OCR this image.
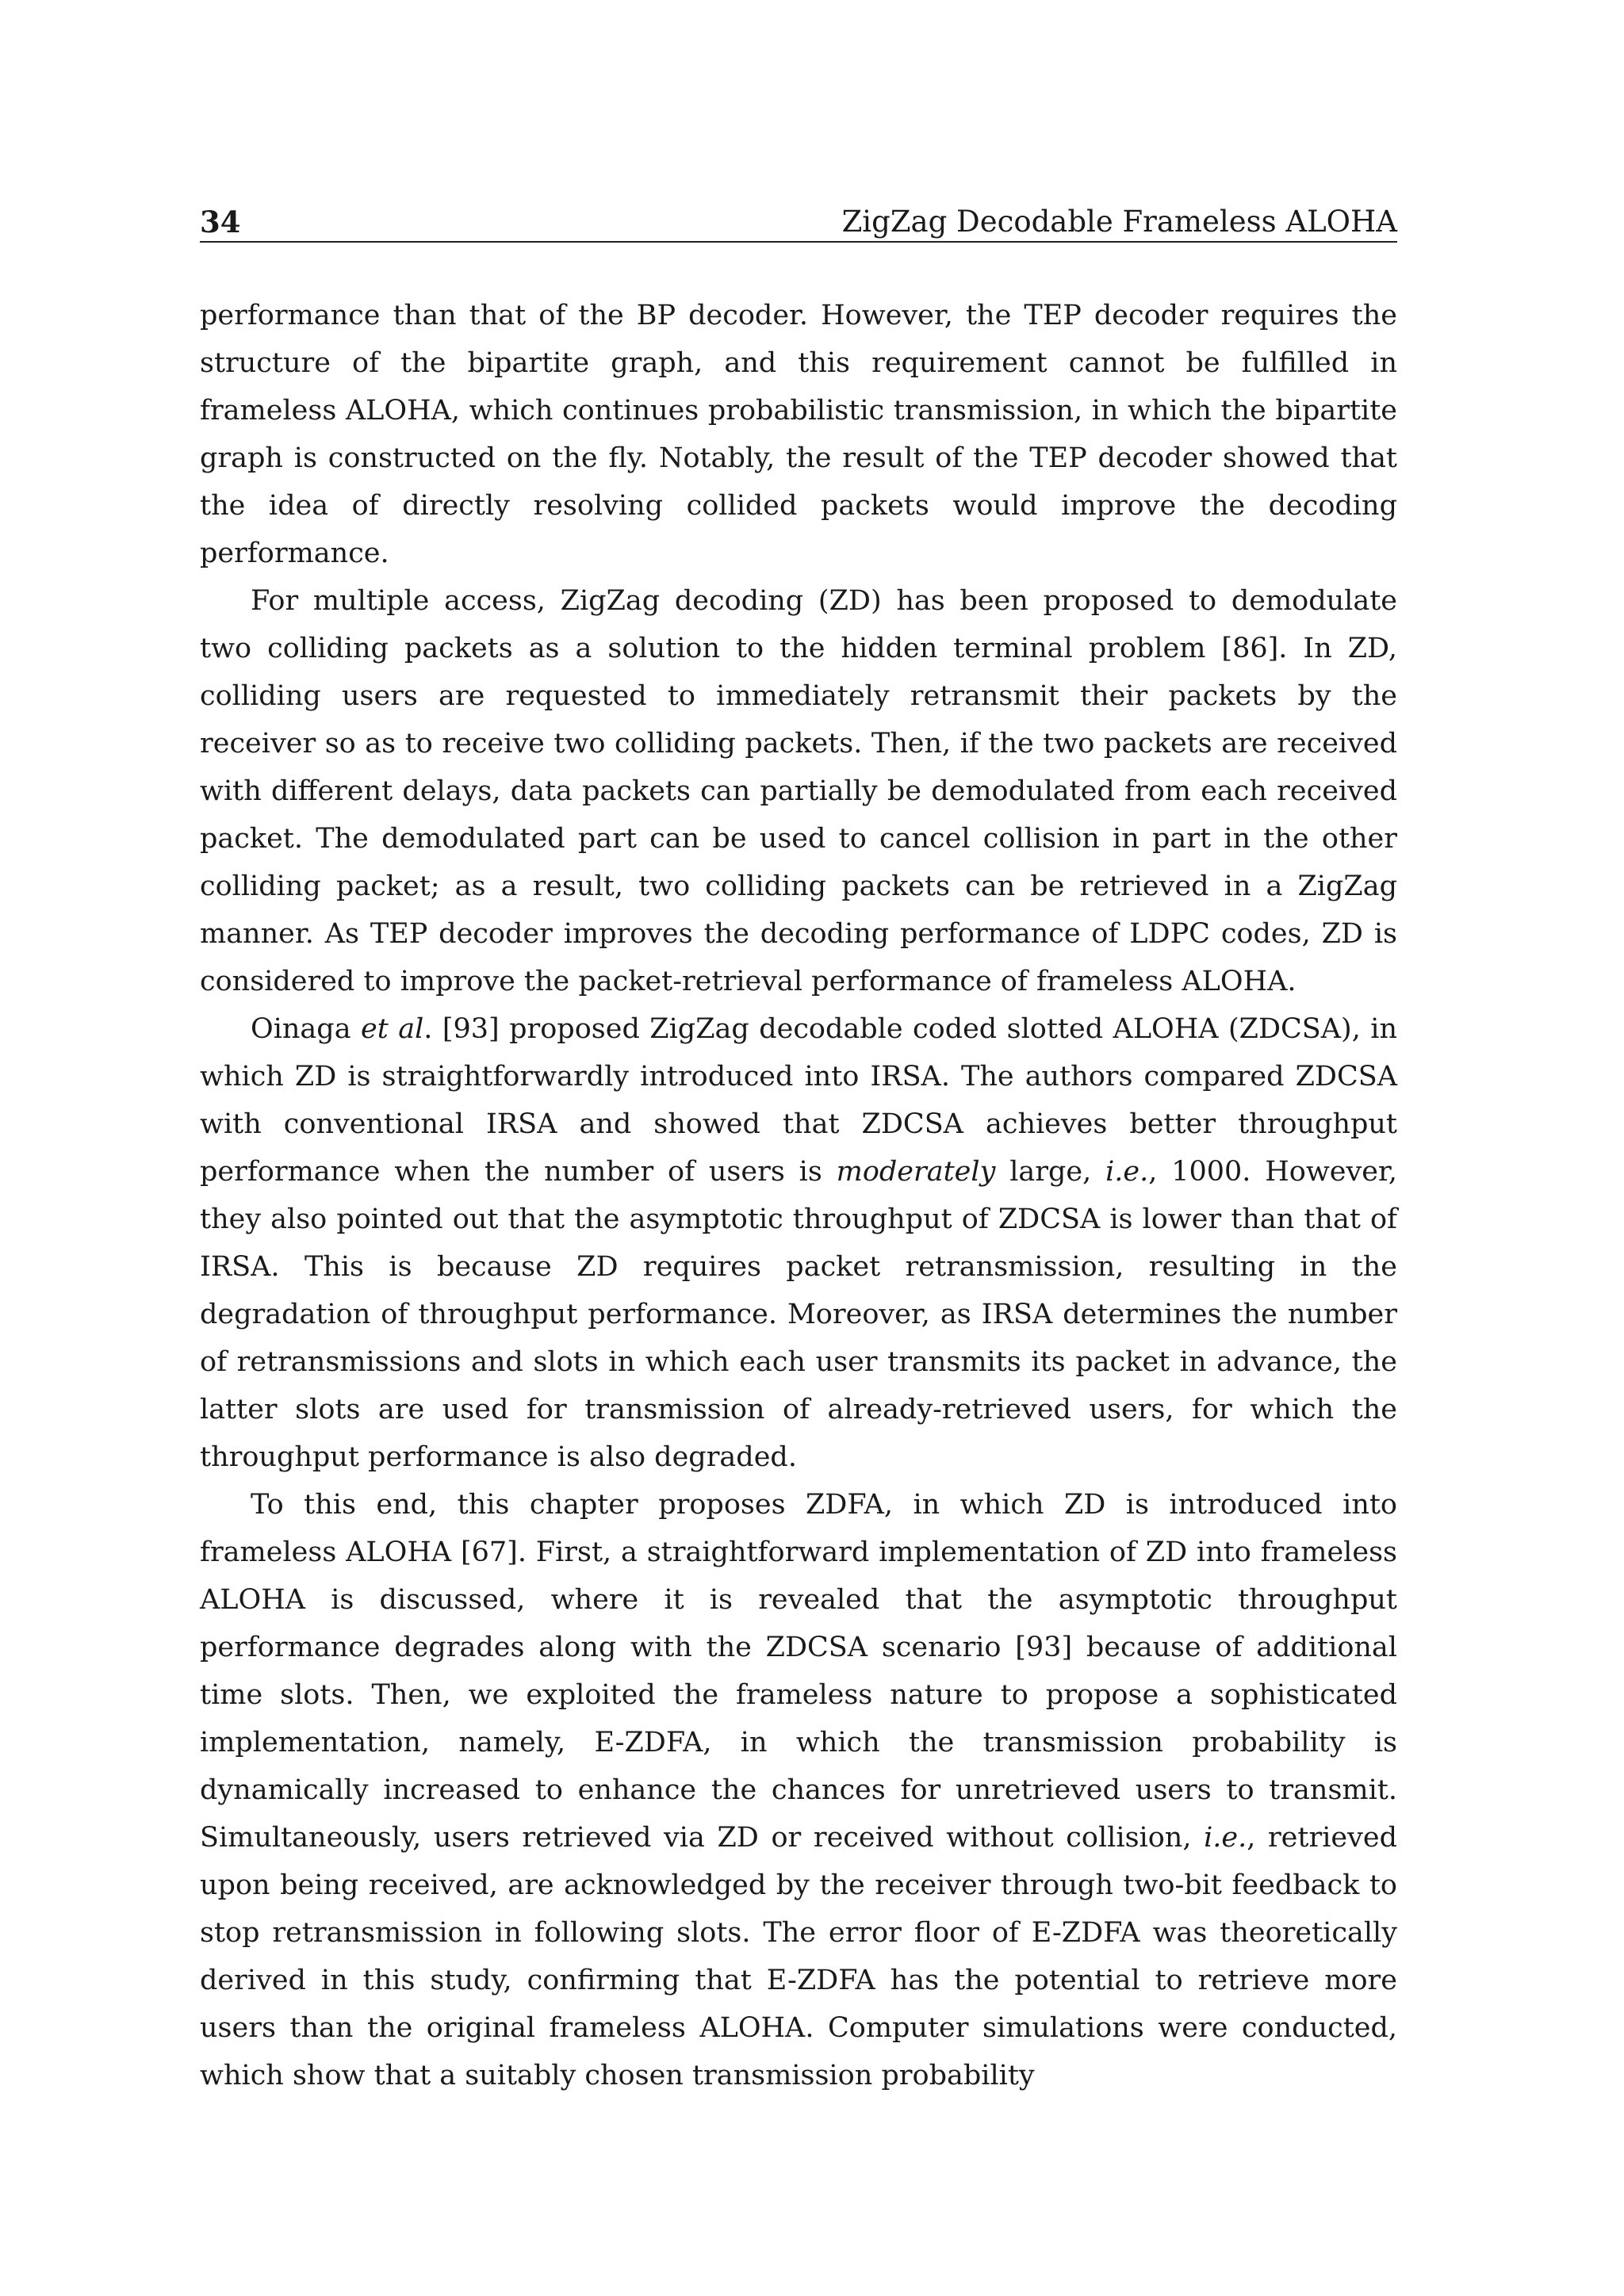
34	ZigZag Decodable Frameless ALOHA

performance than that of the BP decoder. However, the TEP decoder requires the structure of the bipartite graph, and this requirement cannot be fulfilled in frameless ALOHA, which continues probabilistic transmission, in which the bipartite graph is constructed on the fly. Notably, the result of the TEP decoder showed that the idea of directly resolving collided packets would improve the decoding performance.

For multiple access, ZigZag decoding (ZD) has been proposed to demodulate two colliding packets as a solution to the hidden terminal problem [86]. In ZD, colliding users are requested to immediately retransmit their packets by the receiver so as to receive two colliding packets. Then, if the two packets are received with different delays, data packets can partially be demodulated from each received packet. The demodulated part can be used to cancel collision in part in the other colliding packet; as a result, two colliding packets can be retrieved in a ZigZag manner. As TEP decoder improves the decoding performance of LDPC codes, ZD is considered to improve the packet-retrieval performance of frameless ALOHA.

Oinaga et al. [93] proposed ZigZag decodable coded slotted ALOHA (ZDCSA), in which ZD is straightforwardly introduced into IRSA. The authors compared ZDCSA with conventional IRSA and showed that ZDCSA achieves better throughput performance when the number of users is moderately large, i.e., 1000. However, they also pointed out that the asymptotic throughput of ZDCSA is lower than that of IRSA. This is because ZD requires packet retransmission, resulting in the degradation of throughput performance. Moreover, as IRSA determines the number of retransmissions and slots in which each user transmits its packet in advance, the latter slots are used for transmission of already-retrieved users, for which the throughput performance is also degraded.

To this end, this chapter proposes ZDFA, in which ZD is introduced into frameless ALOHA [67]. First, a straightforward implementation of ZD into frameless ALOHA is discussed, where it is revealed that the asymptotic throughput performance degrades along with the ZDCSA scenario [93] because of additional time slots. Then, we exploited the frameless nature to propose a sophisticated implementation, namely, E-ZDFA, in which the transmission probability is dynamically increased to enhance the chances for unretrieved users to transmit. Simultaneously, users retrieved via ZD or received without collision, i.e., retrieved upon being received, are acknowledged by the receiver through two-bit feedback to stop retransmission in following slots. The error floor of E-ZDFA was theoretically derived in this study, confirming that E-ZDFA has the potential to retrieve more users than the original frameless ALOHA. Computer simulations were conducted, which show that a suitably chosen transmission probability
